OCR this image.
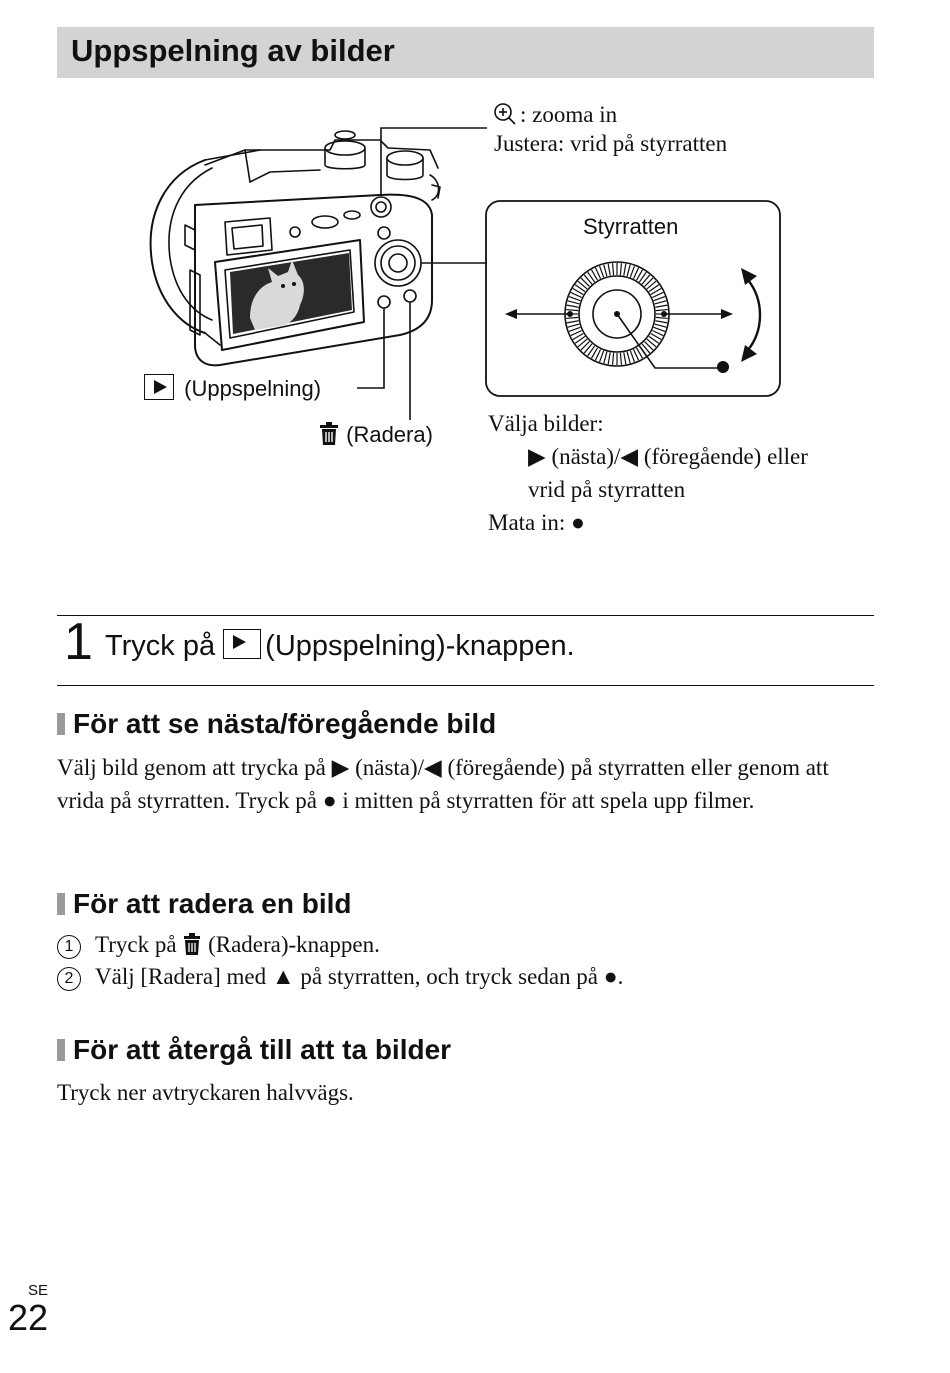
Uppspelning av bilder
: zooma in
Justera: vrid på styrratten
Styrratten
(Uppspelning)
(Radera) Välja bilder:
▶ (nästa)/◀ (föregående) eller
vrid på styrratten
Mata in: ●
1 Tryck på (Uppspelning)-knappen.
För att se nästa/föregående bild
Välj bild genom att trycka på ▶ (nästa)/◀ (föregående) på styrratten eller genom att vrida på styrratten. Tryck på ● i mitten på styrratten för att spela upp filmer.
För att radera en bild
1 Tryck på (Radera)-knappen.
2 Välj [Radera] med ▲ på styrratten, och tryck sedan på ●.
För att återgå till att ta bilder
Tryck ner avtryckaren halvvägs.
SE
22
